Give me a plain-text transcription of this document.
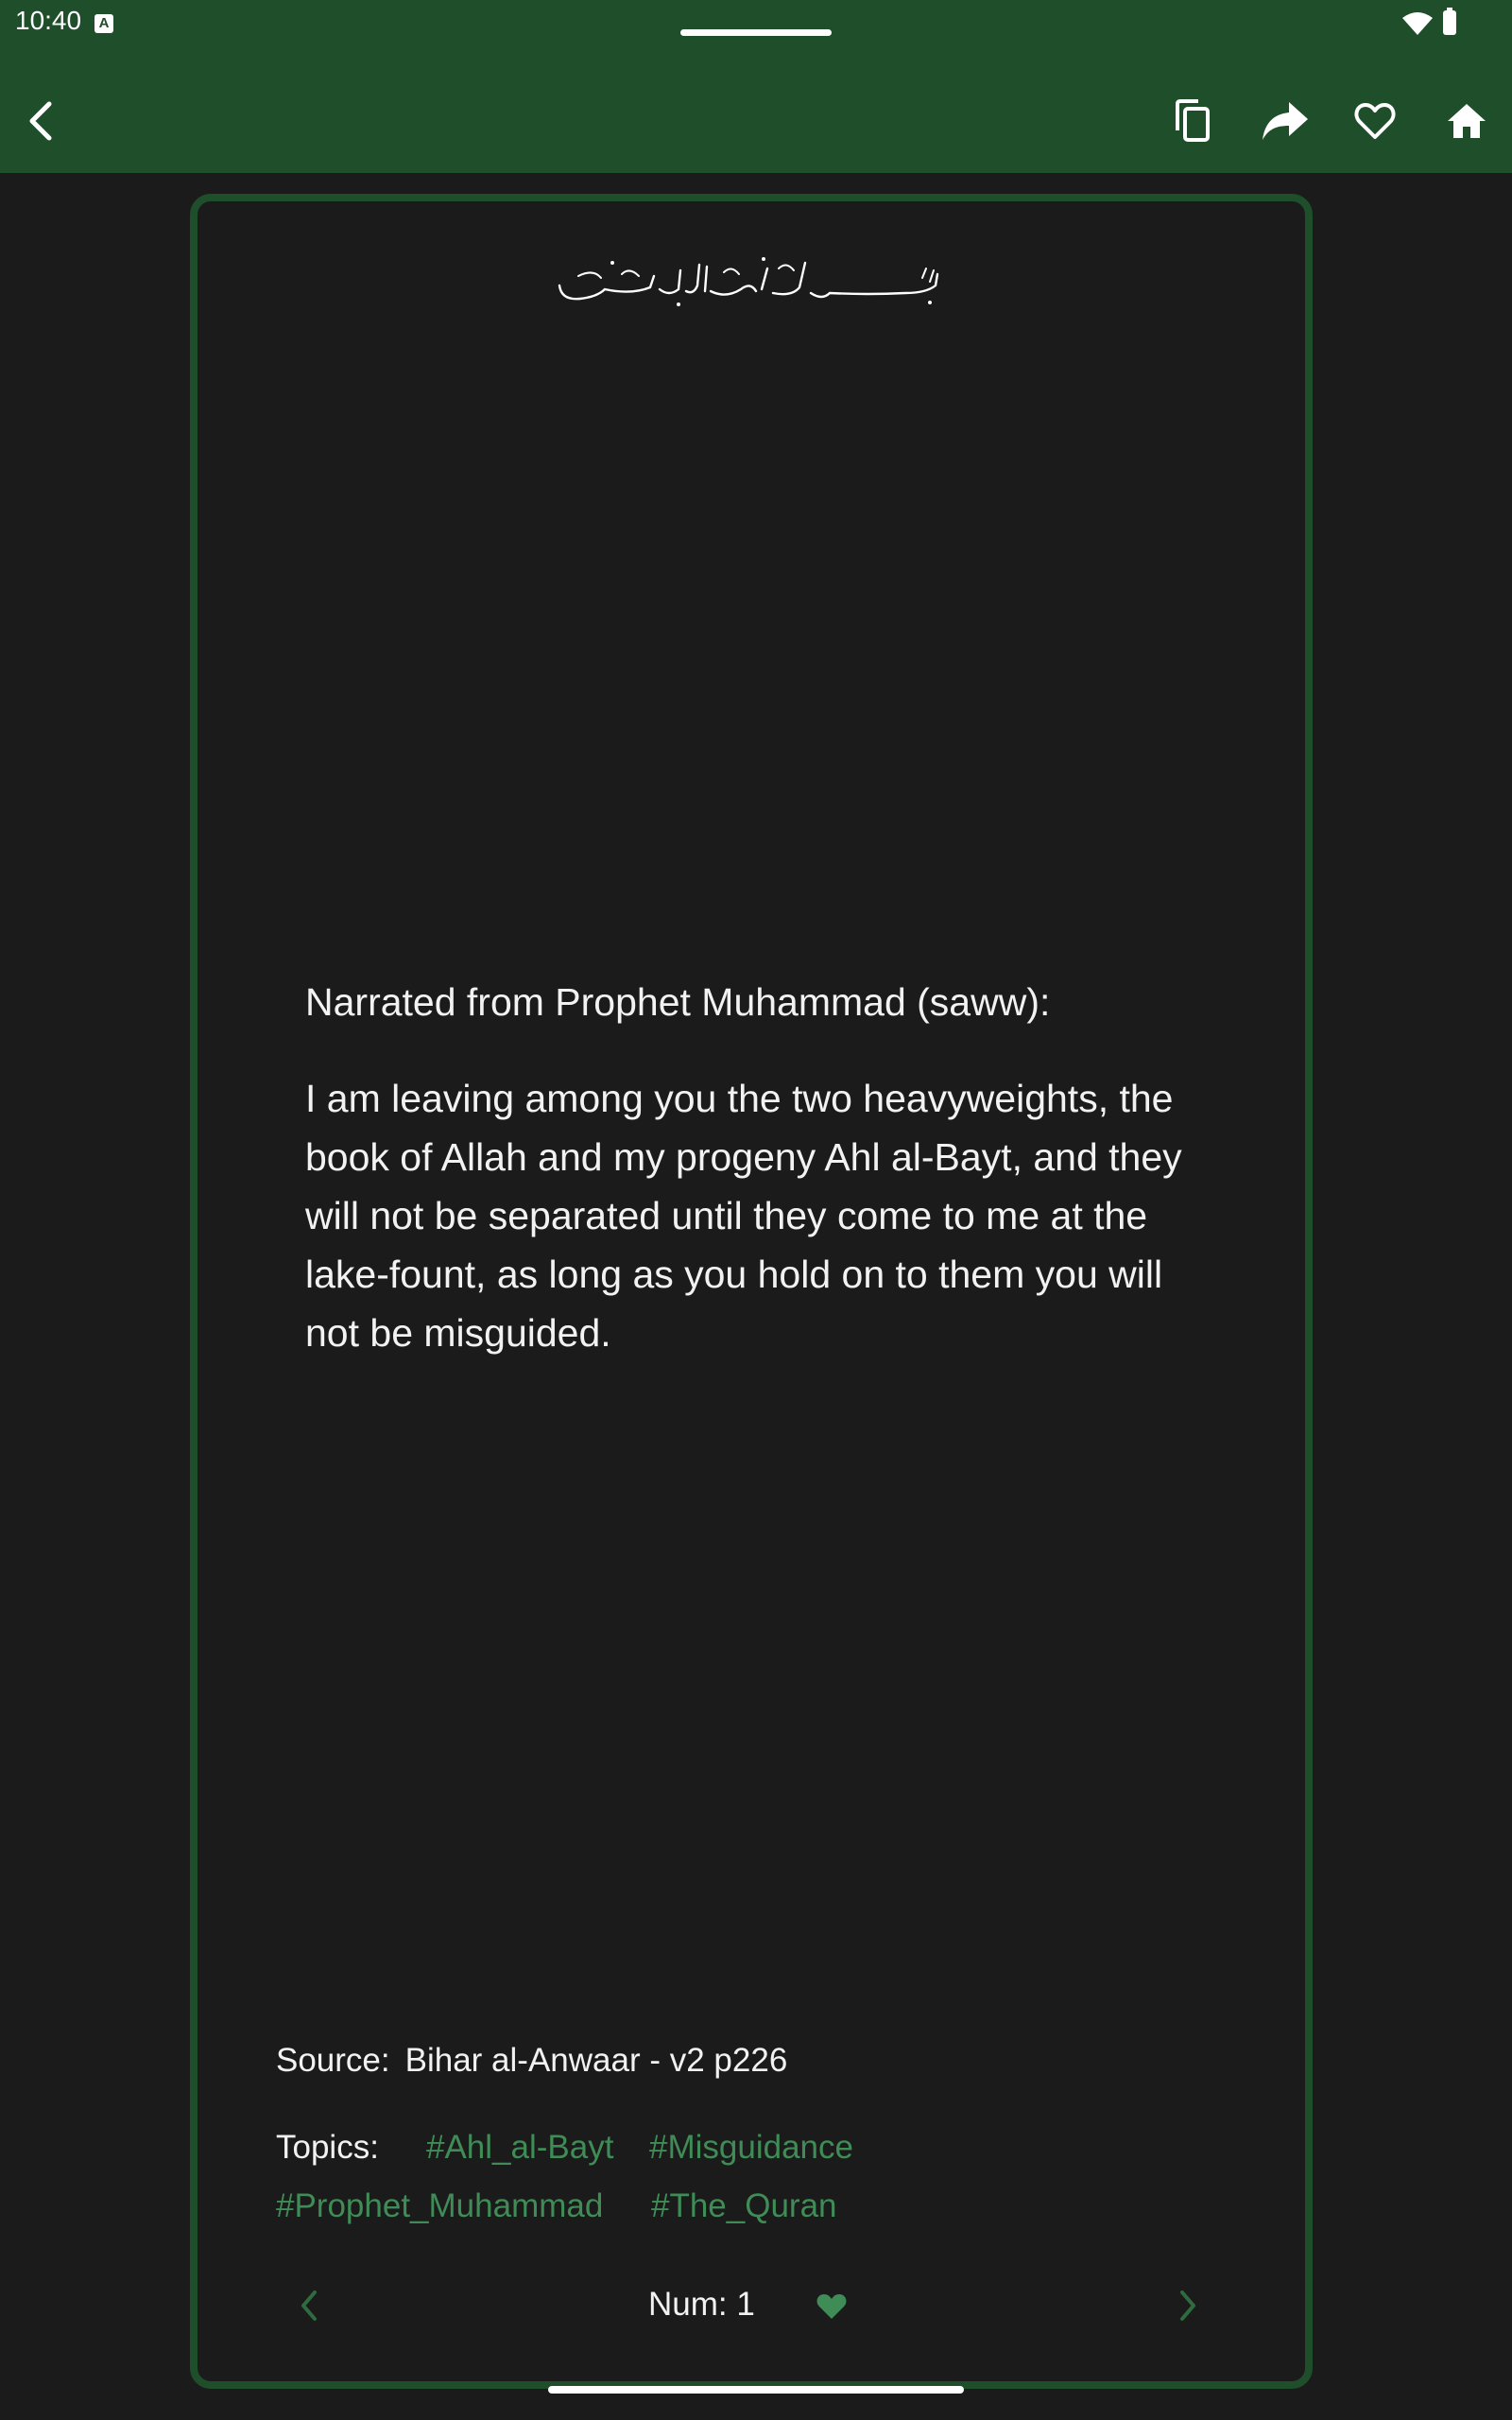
10:40	A
Narrated from Prophet Muhammad (saww):
I am leaving among you the two heavyweights, the book of Allah and my progeny Ahl al-Bayt, and they will not be separated until they come to me at the lake-fount, as long as you hold on to them you will not be misguided.
Source: Bihar al-Anwaar - v2 p226
Topics: #Ahl_al-Bayt #Misguidance
#Prophet_Muhammad #The_Quran
Num: 1
